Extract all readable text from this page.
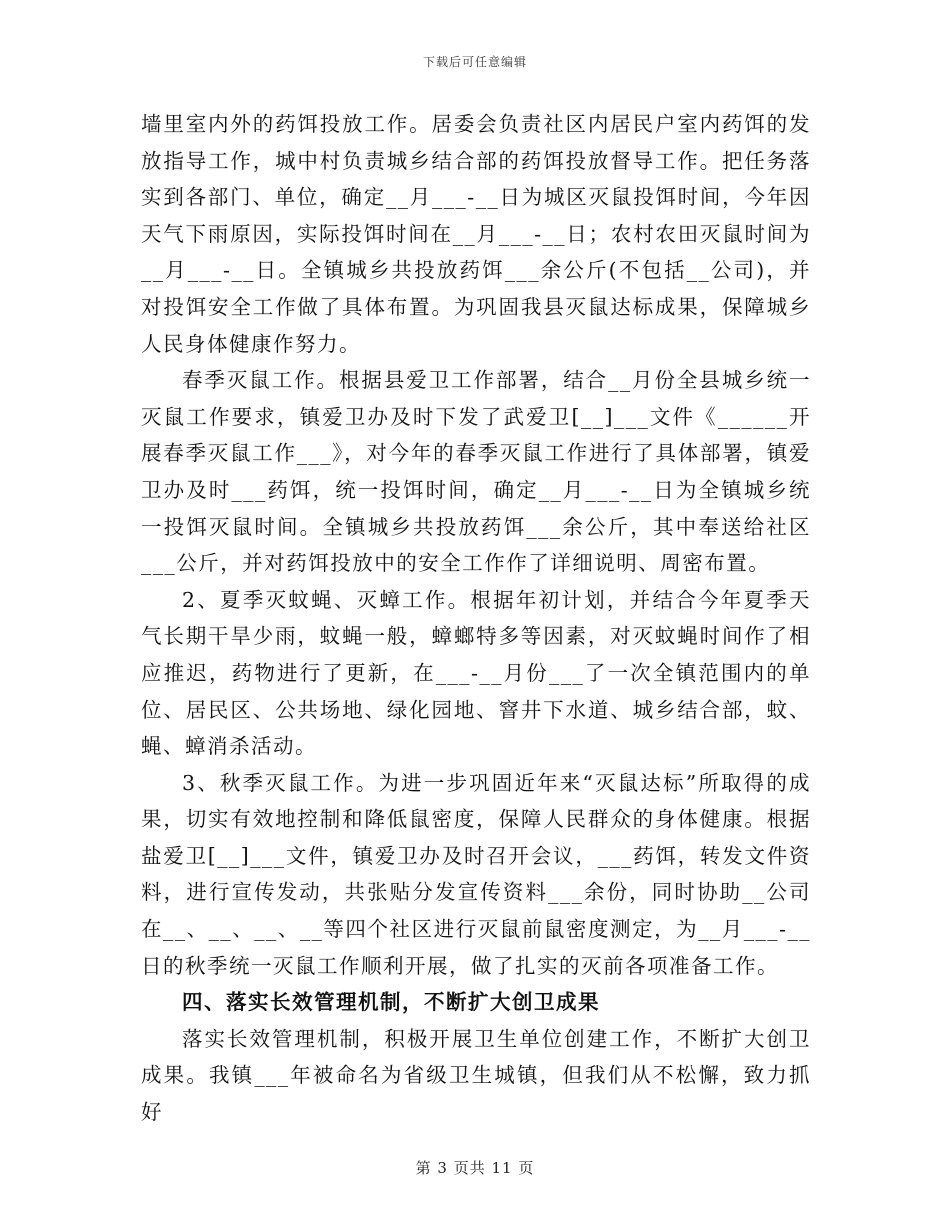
下载后可任意编辑

墙里室内外的药饵投放工作。居委会负责社区内居民户室内药饵的发放指导工作，城中村负责城乡结合部的药饵投放督导工作。把任务落实到各部门、单位，确定__月___-__日为城区灭鼠投饵时间，今年因天气下雨原因，实际投饵时间在__月___-__日；农村农田灭鼠时间为__月___-__日。全镇城乡共投放药饵___余公斤(不包括__公司)，并对投饵安全工作做了具体布置。为巩固我县灭鼠达标成果，保障城乡人民身体健康作努力。

春季灭鼠工作。根据县爱卫工作部署，结合__月份全县城乡统一灭鼠工作要求，镇爱卫办及时下发了武爱卫[__]___文件《______开展春季灭鼠工作___》，对今年的春季灭鼠工作进行了具体部署，镇爱卫办及时___药饵，统一投饵时间，确定__月___-__日为全镇城乡统一投饵灭鼠时间。全镇城乡共投放药饵___余公斤，其中奉送给社区___公斤，并对药饵投放中的安全工作作了详细说明、周密布置。

2、夏季灭蚊蝇、灭蟑工作。根据年初计划，并结合今年夏季天气长期干旱少雨，蚊蝇一般，蟑螂特多等因素，对灭蚊蝇时间作了相应推迟，药物进行了更新，在___-__月份___了一次全镇范围内的单位、居民区、公共场地、绿化园地、窨井下水道、城乡结合部，蚊、蝇、蟑消杀活动。

3、秋季灭鼠工作。为进一步巩固近年来“灭鼠达标”所取得的成果，切实有效地控制和降低鼠密度，保障人民群众的身体健康。根据盐爱卫[__]___文件，镇爱卫办及时召开会议，___药饵，转发文件资料，进行宣传发动，共张贴分发宣传资料___余份，同时协助__公司在__、__、__、__等四个社区进行灭鼠前鼠密度测定，为__月___-__日的秋季统一灭鼠工作顺利开展，做了扎实的灭前各项准备工作。

四、落实长效管理机制，不断扩大创卫成果

落实长效管理机制，积极开展卫生单位创建工作，不断扩大创卫成果。我镇___年被命名为省级卫生城镇，但我们从不松懈，致力抓好

第 3 页共 11 页
